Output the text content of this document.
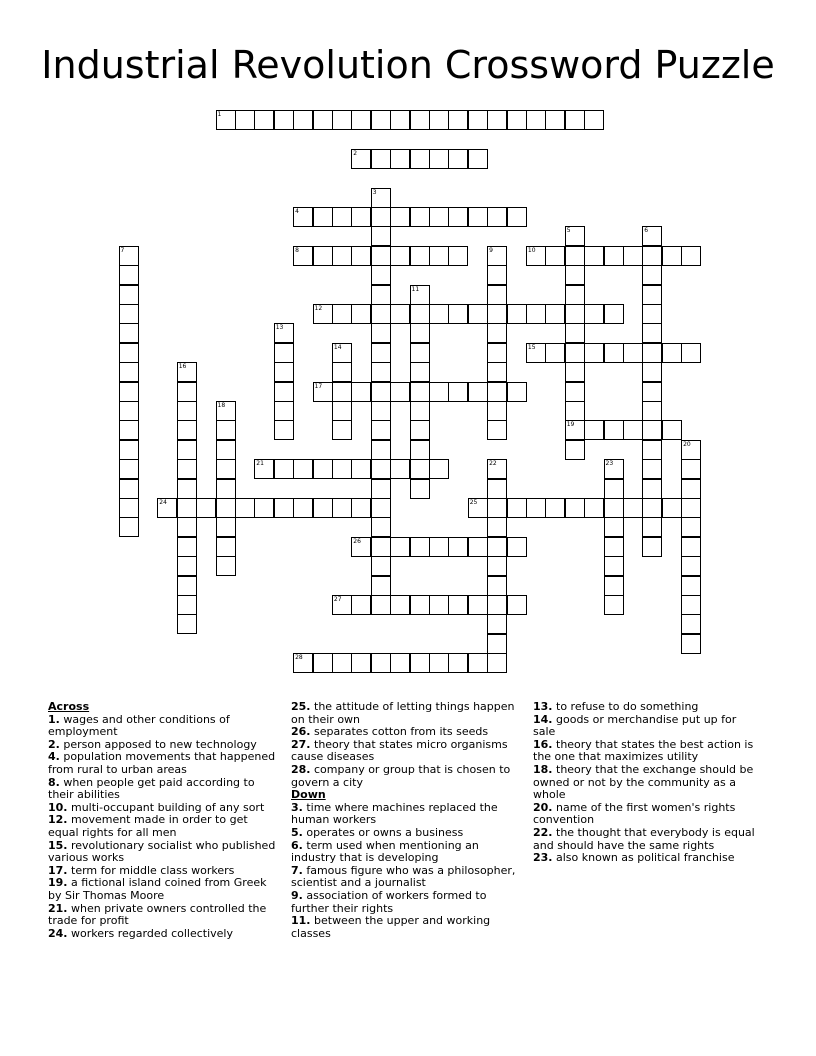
Industrial Revolution Crossword Puzzle
1
2
3
4
5
19
6
7	8	9	10
11
12
13
14	15
16
17
18
20
21	22	23
24	25
26
27
28
Across
1. wages and other conditions of employment
2. person apposed to new technology
4. population movements that happened from rural to urban areas
8. when people get paid according to their abilities
10. multi-occupant building of any sort
12. movement made in order to get equal rights for all men
15. revolutionary socialist who published various works
17. term for middle class workers
19. a fictional island coined from Greek by Sir Thomas Moore
21. when private owners controlled the trade for profit
24. workers regarded collectively
25. the attitude of letting things happen on their own
26. separates cotton from its seeds
27. theory that states micro organisms cause diseases
28. company or group that is chosen to govern a city
Down
3. time where machines replaced the human workers
5. operates or owns a business
6. term used when mentioning an industry that is developing
7. famous figure who was a philosopher, scientist and a journalist
9. association of workers formed to further their rights
11. between the upper and working classes
13. to refuse to do something
14. goods or merchandise put up for sale
16. theory that states the best action is the one that maximizes utility
18. theory that the exchange should be owned or not by the community as a whole
20. name of the first women's rights convention
22. the thought that everybody is equal and should have the same rights
23. also known as political franchise
